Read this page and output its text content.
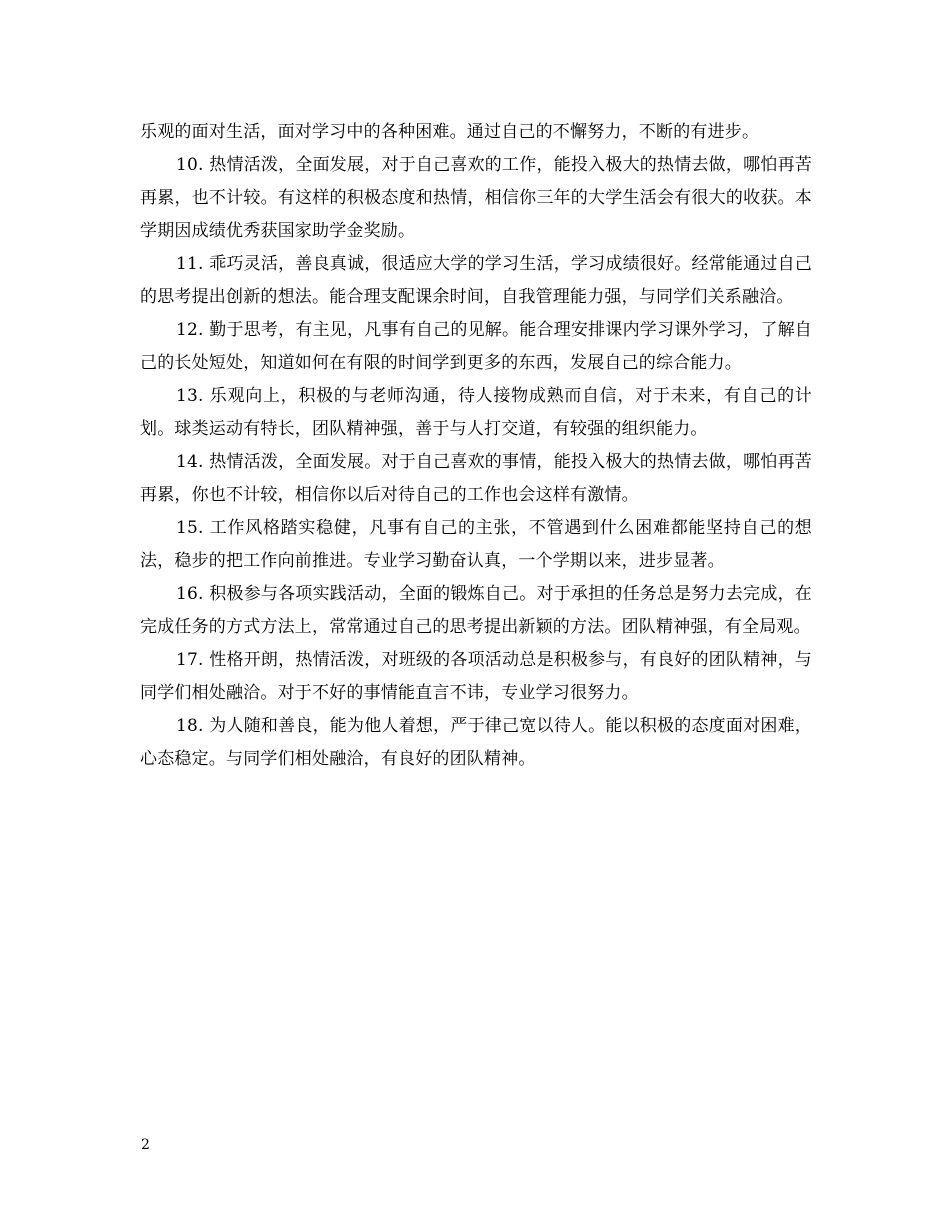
乐观的面对生活，面对学习中的各种困难。通过自己的不懈努力，不断的有进步。

10. 热情活泼，全面发展，对于自己喜欢的工作，能投入极大的热情去做，哪怕再苦再累，也不计较。有这样的积极态度和热情，相信你三年的大学生活会有很大的收获。本学期因成绩优秀获国家助学金奖励。

11. 乖巧灵活，善良真诚，很适应大学的学习生活，学习成绩很好。经常能通过自己的思考提出创新的想法。能合理支配课余时间，自我管理能力强，与同学们关系融洽。

12. 勤于思考，有主见，凡事有自己的见解。能合理安排课内学习课外学习，了解自己的长处短处，知道如何在有限的时间学到更多的东西，发展自己的综合能力。

13. 乐观向上，积极的与老师沟通，待人接物成熟而自信，对于未来，有自己的计划。球类运动有特长，团队精神强，善于与人打交道，有较强的组织能力。

14. 热情活泼，全面发展。对于自己喜欢的事情，能投入极大的热情去做，哪怕再苦再累，你也不计较，相信你以后对待自己的工作也会这样有激情。

15. 工作风格踏实稳健，凡事有自己的主张，不管遇到什么困难都能坚持自己的想法，稳步的把工作向前推进。专业学习勤奋认真，一个学期以来，进步显著。

16. 积极参与各项实践活动，全面的锻炼自己。对于承担的任务总是努力去完成，在完成任务的方式方法上，常常通过自己的思考提出新颖的方法。团队精神强，有全局观。

17. 性格开朗，热情活泼，对班级的各项活动总是积极参与，有良好的团队精神，与同学们相处融洽。对于不好的事情能直言不讳，专业学习很努力。

18. 为人随和善良，能为他人着想，严于律己宽以待人。能以积极的态度面对困难，心态稳定。与同学们相处融洽，有良好的团队精神。

2
